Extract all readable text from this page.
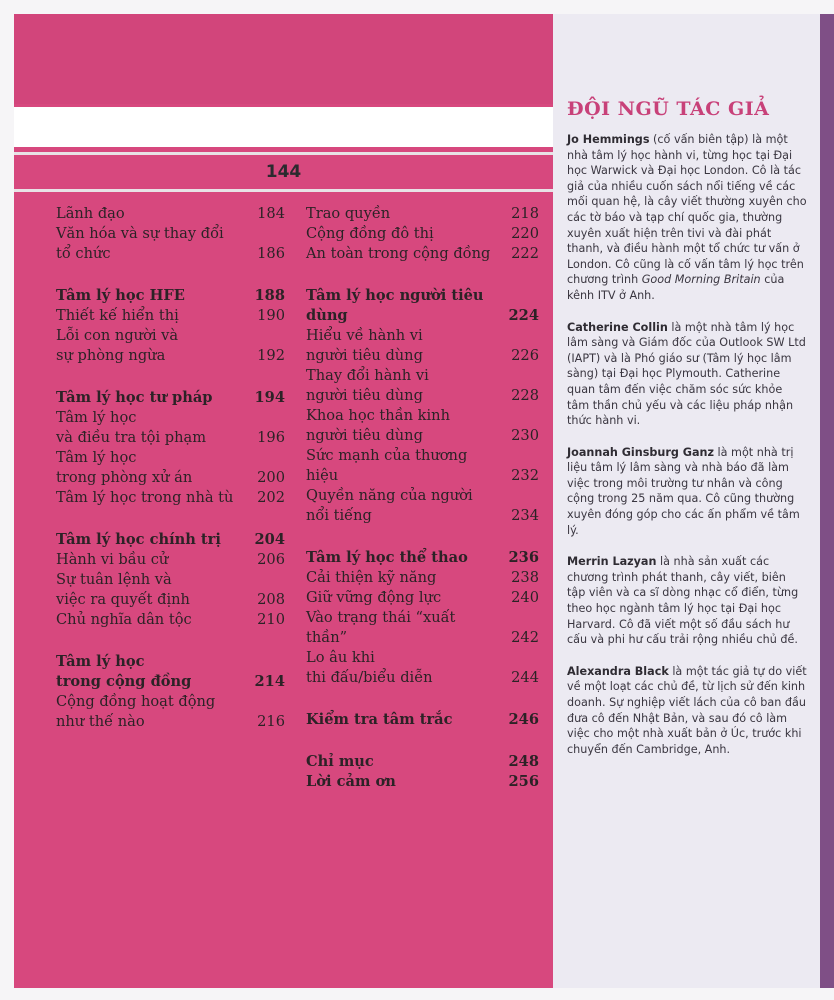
144
Lãnh đạo	184
Văn hóa và sự thay đổi
tổ chức	186
Tâm lý học HFE	188
Thiết kế hiển thị	190
Lỗi con người và
sự phòng ngừa	192
Tâm lý học tư pháp	194
Tâm lý học
và điều tra tội phạm	196
Tâm lý học
trong phòng xử án	200
Tâm lý học trong nhà tù	202
Tâm lý học chính trị	204
Hành vi bầu cử	206
Sự tuân lệnh và
việc ra quyết định	208
Chủ nghĩa dân tộc	210
Tâm lý học
trong cộng đồng	214
Cộng đồng hoạt động
như thế nào	216
Trao quyền	218
Cộng đồng đô thị	220
An toàn trong cộng đồng	222
Tâm lý học người tiêu dùng	224
Hiểu về hành vi
người tiêu dùng	226
Thay đổi hành vi
người tiêu dùng	228
Khoa học thần kinh
người tiêu dùng	230
Sức mạnh của thương hiệu	232
Quyền năng của người
nổi tiếng	234
Tâm lý học thể thao	236
Cải thiện kỹ năng	238
Giữ vững động lực	240
Vào trạng thái “xuất thần”	242
Lo âu khi
thi đấu/biểu diễn	244
Kiểm tra tâm trắc	246
Chỉ mục	248
Lời cảm ơn	256
ĐỘI NGŨ TÁC GIẢ

Jo Hemmings (cố vấn biên tập) là một nhà tâm lý học hành vi, từng học tại Đại học Warwick và Đại học London. Cô là tác giả của nhiều cuốn sách nổi tiếng về các mối quan hệ, là cây viết thường xuyên cho các tờ báo và tạp chí quốc gia, thường xuyên xuất hiện trên tivi và đài phát thanh, và điều hành một tổ chức tư vấn ở London. Cô cũng là cố vấn tâm lý học trên chương trình Good Morning Britain của kênh ITV ở Anh.

Catherine Collin là một nhà tâm lý học lâm sàng và Giám đốc của Outlook SW Ltd (IAPT) và là Phó giáo sư (Tâm lý học lâm sàng) tại Đại học Plymouth. Catherine quan tâm đến việc chăm sóc sức khỏe tâm thần chủ yếu và các liệu pháp nhận thức hành vi.

Joannah Ginsburg Ganz là một nhà trị liệu tâm lý lâm sàng và nhà báo đã làm việc trong môi trường tư nhân và công cộng trong 25 năm qua. Cô cũng thường xuyên đóng góp cho các ấn phẩm về tâm lý.

Merrin Lazyan là nhà sản xuất các chương trình phát thanh, cây viết, biên tập viên và ca sĩ dòng nhạc cổ điển, từng theo học ngành tâm lý học tại Đại học Harvard. Cô đã viết một số đầu sách hư cấu và phi hư cấu trải rộng nhiều chủ đề.

Alexandra Black là một tác giả tự do viết về một loạt các chủ đề, từ lịch sử đến kinh doanh. Sự nghiệp viết lách của cô ban đầu đưa cô đến Nhật Bản, và sau đó cô làm việc cho một nhà xuất bản ở Úc, trước khi chuyển đến Cambridge, Anh.
